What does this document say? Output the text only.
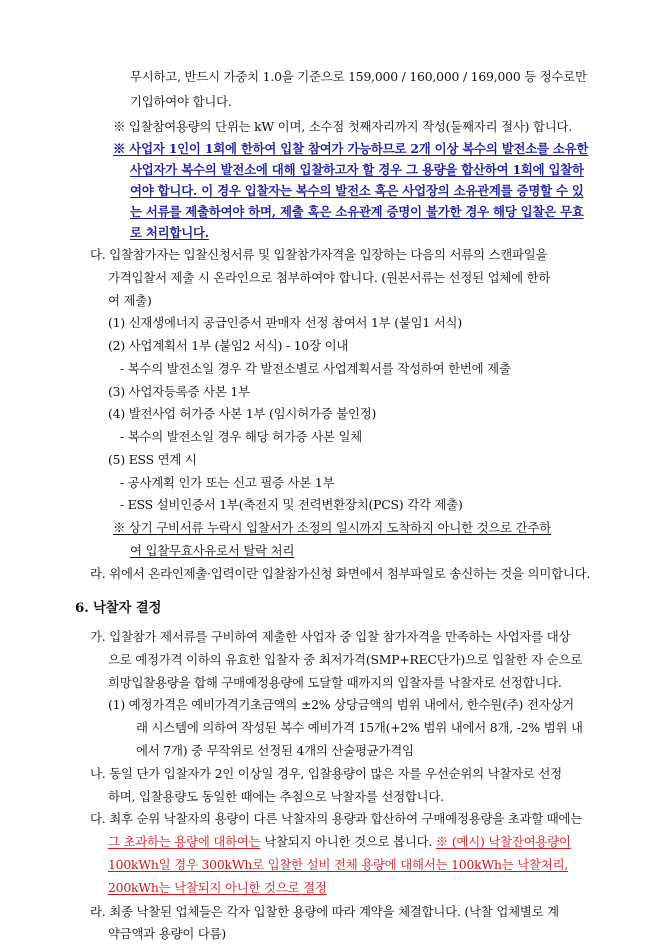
무시하고, 반드시 가중치 1.0을 기준으로 159,000 / 160,000 / 169,000 등 정수로만
기입하여야 합니다.
※ 입찰참여용량의 단위는 kW 이며, 소수점 첫째자리까지 작성(둘째자리 절사) 합니다.
※ 사업자 1인이 1회에 한하여 입찰 참여가 가능하므로 2개 이상 복수의 발전소를 소유한
사업자가 복수의 발전소에 대해 입찰하고자 할 경우 그 용량을 합산하여 1회에 입찰하
여야 합니다. 이 경우 입찰자는 복수의 발전소 혹은 사업장의 소유관계를 증명할 수 있
는 서류를 제출하여야 하며, 제출 혹은 소유관계 증명이 불가한 경우 해당 입찰은 무효
로 처리합니다.
다. 입찰참가자는 입찰신청서류 및 입찰참가자격을 입장하는 다음의 서류의 스캔파일을
가격입찰서 제출 시 온라인으로 첨부하여야 합니다. (원본서류는 선정된 업체에 한하
여 제출)
(1) 신재생에너지 공급인증서 판매자 선정 참여서 1부 (붙임1 서식)
(2) 사업계획서 1부 (붙임2 서식) - 10장 이내
- 복수의 발전소일 경우 각 발전소별로 사업계획서를 작성하여 한번에 제출
(3) 사업자등록증 사본 1부
(4) 발전사업 허가증 사본 1부 (임시허가증 불인정)
- 복수의 발전소일 경우 해당 허가증 사본 일체
(5) ESS 연계 시
- 공사계획 인가 또는 신고 필증 사본 1부
- ESS 설비인증서 1부(축전지 및 전력변환장치(PCS) 각각 제출)
※ 상기 구비서류 누락시 입찰서가 소정의 일시까지 도착하지 아니한 것으로 간주하
여 입찰무효사유로서 탈락 처리
라. 위에서 온라인제출·입력이란 입찰참가신청 화면에서 첨부파일로 송신하는 것을 의미합니다.
6. 낙찰자 결정
가. 입찰참가 제서류를 구비하여 제출한 사업자 중 입찰 참가자격을 만족하는 사업자를 대상
으로 예정가격 이하의 유효한 입찰자 중 최저가격(SMP+REC단가)으로 입찰한 자 순으로
희망입찰용량을 합해 구매예정용량에 도달할 때까지의 입찰자를 낙찰자로 선정합니다.
(1) 예정가격은 예비가격기초금액의 ±2% 상당금액의 범위 내에서, 한수원(주) 전자상거
래 시스템에 의하여 작성된 복수 예비가격 15개(+2% 범위 내에서 8개, -2% 범위 내
에서 7개) 중 무작위로 선정된 4개의 산술평균가격임
나. 동일 단가 입찰자가 2인 이상일 경우, 입찰용량이 많은 자를 우선순위의 낙찰자로 선정
하며, 입찰용량도 동일한 때에는 추첨으로 낙찰자를 선정합니다.
다. 최후 순위 낙찰자의 용량이 다른 낙찰자의 용량과 합산하여 구매예정용량을 초과할 때에는
그 초과하는 용량에 대하여는 낙찰되지 아니한 것으로 봅니다. ※ (예시) 낙찰잔여용량이
100kWh일 경우 300kWh로 입찰한 설비 전체 용량에 대해서는 100kWh는 낙찰처리,
200kWh는 낙찰되지 아니한 것으로 결정
라. 최종 낙찰된 업체들은 각자 입찰한 용량에 따라 계약을 체결합니다. (낙찰 업체별로 계
약금액과 용량이 다름)
